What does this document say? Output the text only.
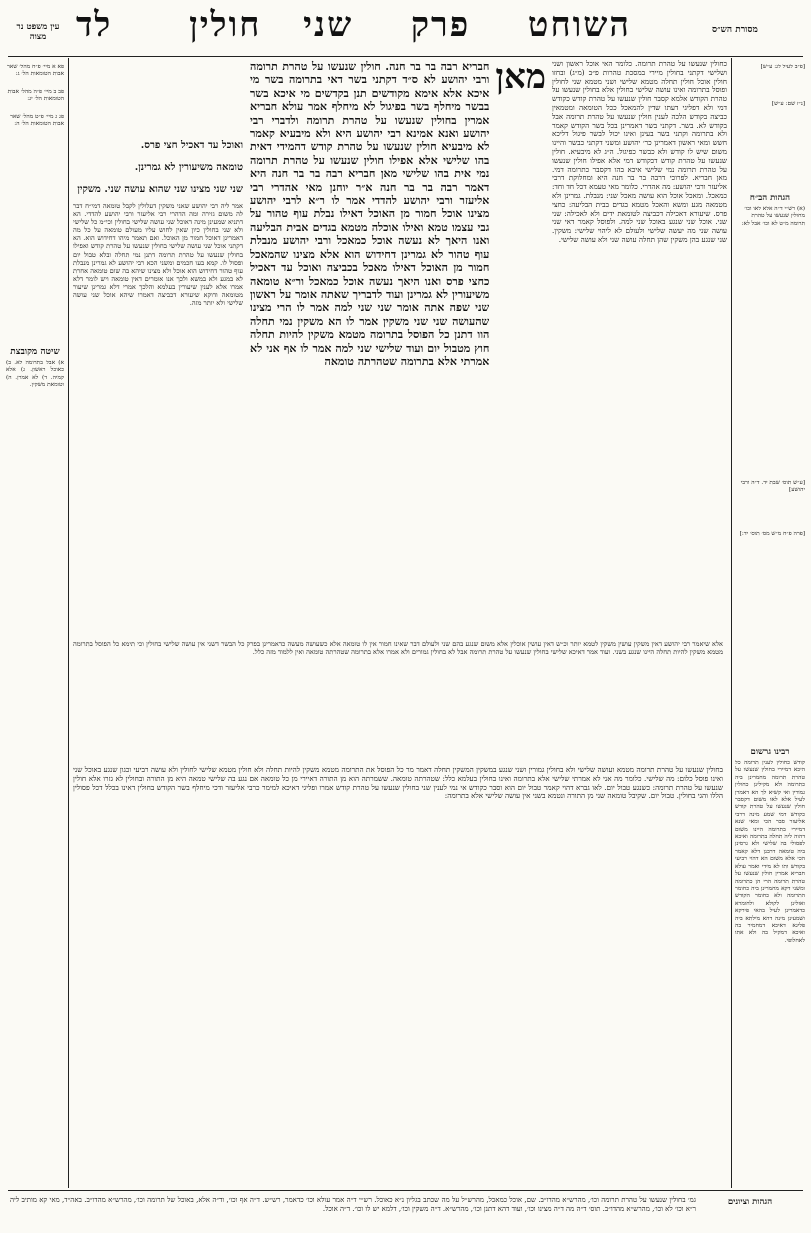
מסורת הש״ס
השוחט  פרק  שני  חולין
לד
עין משפט נר מצוה

פא א מיי׳ פ״ח מהל׳ שאר אבות הטומאות הל׳ ג:

פב ב מיי׳ פ״ה מהל׳ אבות הטומאות הל׳ יג:

פג ג מיי׳ פ״ט מהל׳ שאר אבות הטומאות הל׳ ה:

שיטה מקובצת
א) אבל בתרומה לא. ב) כאוכל ראשון. ג) אלא קמיה. ד) לא אמרן. ה) וטומאת משקין.

[פ״ב לעיל לג: ע״ש]

[נ״ז שם: ע״ש]

הגהות הב״ח
(א) רש״י ד״ה אלא לאו וכו׳ מחולין שנעשו על טהרת תרומה מ״ט לא וכו׳ אבל לא:

[ע״ש תוס׳ שבת יד. ד״ה ורבי יהושע]

[פרה פ״ח מ״ש מס׳ תוס׳ יד:]

רבינו גרשום
קודש כחולין לענין תרומה כל היכא דמיירי בחולין שנעשו על טהרת תרומה מחמרינן ביה כתרומה ולא מקילינן כחולין גמורין ואי קשיא לך הא דאמרן לעיל אלא לאו משום דקסבר חולין שנעשו על טהרת קודש כקודש דמי שמע מינה דרבי אליעזר סבר הכי ומאי שנא דמיירי בתרומה היינו משום דהוה ליה תחלה בתרומה ואיכא לפסולי בה שלישי ולא גרסינן ביה טומאה דרבנן דלא קאמר הכי אלא משום הא דהוי רביעי בקודש ותו לא מידי ואמר עולא חבריא אמרין חולין שנעשו על טהרת תרומה הרי הן כתרומה ומשני דקא מחמרינן ביה כחומר התרומה ולא כחומר הקודש ואזלינן לקולא ולחומרא כדאמרינן לעיל בהאי פירקא ושמעינן מינה דהא מילתא ביה פליגא דאיכא דמחמיר בה ואיכא דמקיל בה ולא אתו לאחלופי.
ואוכל עד דאכיל חצי פרס.
טומאה משיעורין לא גמרינן.
שני שני מצינו שני שהוא עושה שני. משקין
אמר ליה רבי יהושע שאני משקין דעלולין לקבל טומאה דמי״ח דבר לה משום גזירה ומה הדהרי רבי אליעזר ורבי יהושע להדדי. הא דתניא שמעינן מינה דאוכל שני עושה שלישי בחולין וכי״מ כל שלישי ולא שני בחולין כיון שאין לחוש עליו מעולם טומאה על כל מה דאמרינן דאוכל חמור מן האוכל. ואם תאמר מיהו דחידוש הוא. הא דקתני אוכל שני עושה שלישי בחולין שנעשו על טהרת קודש ואפילו בחולין שנעשו על טהרת תרומה דתנן נמי תחלה ובלא טבול יום ופסול לו. קמא בעו חכמים ומשני הכא רבי יהושע לא גמרינן מנבלת עוף טהור דחידוש הוא אוכל ולא מצינו שיהא בה שום טומאה אחרת לא במגע ולא במשא ולכך אנו אומרים דאין טומאה ויש לומר דלא אמרו אלא לענין שיעורין בעלמא והלכך אמרי דלא גמרינן שיעור מטומאה ודוקא שיעורא דכביצה דאמרו שיהא אוכל שני עושה שלישי ולא יותר מזה.
מאן
חבריא רבה בר בר חנה. חולין שנעשו על טהרת תרומה ורבי יהושע לא ס״ד דקתני בשר דאי בתרומה בשר מי איכא אלא אימא מקודשים תנן בקדשים מי איכא בשר בבשר מיחלף בשר בפיגול לא מיחלף אמר עולא חבריא אמרין בחולין שנעשו על טהרת תרומה ולדברי רבי יהושע ואנא אמינא רבי יהושע היא ולא מיבעיא קאמר לא מיבעיא חולין שנעשו על טהרת קודש דהמידי דאית בהו שלישי אלא אפילו חולין שנעשו על טהרת תרומה נמי אית בהו שלישי מאן חבריא רבה בר בר חנה היא דאמר רבה בר בר חנה א״ר יוחנן מאי אהדרי רבי אליעזר ורבי יהושע להדדי אמר לו ר״א לרבי יהושע מצינו אוכל חמור מן האוכל דאילו נבלת עוף טהור על גבי עצמו טמא ואילו אוכלה מטמא בגדים אבית הבליעה ואנו היאך לא נעשה אוכל כמאכל ורבי יהושע מנבלת עוף טהור לא גמרינן דחידוש הוא אלא מצינו שהמאכל חמור מן האוכל דאילו מאכל בכביצה ואוכל עד דאכיל כחצי פרס ואנו היאך נעשה אוכל כמאכל ור״א טומאה משיעורין לא גמרינן ועוד לדבריך שאתה אומר על ראשון שני שפה אתה אומר שני שני למה אמר לו הרי מצינו שהעושה שני שני משקין אמר לו הא משקין נמי תחלה הוו דתנן כל הפוסל בתרומה מטמא משקין להיות תחלה חוץ מטבול יום ועוד שלישי שני למה אמר לו אף אני לא אמרתי אלא בתרומה שטהרתה טומאה
כחולין שנעשו על טהרת תרומה. כלומר האי אוכל ראשון ושני ושלישי דקתני בחולין מיירי במסכת טהרות פ״ב (מ״ג) ובחזו חולין אוכל חולין תחלה מטמא שלישי ושני מטמא שני לחולין ופוסל בתרומה ואינו עושה שלישי בחולין אלא בחולין שנעשו על טהרת הקודש אלמא קסבר חולין שנעשו על טהרת קודש כקודש דמי ולא דפליגי דעתו שדין להמאכל ככל הטומאה ומטמאין כביצה בקודש הלכה לענין חולין שנעשו על טהרת תרומה אבל בקודש לא. בשר. דקתני בשר דאמרינן בכל בשר הקודש קאמר ולא בתרומה וקתני בשר בעינן ואינו יכול לבשר פיגול דליכא חשש ומאי ראשון דאמרינן כר׳ יהושע ומשני דקתני כבשר והיינו משום שיש לו קודש ולא כבשר כפיגול. ה״ג לא מיבעיא. חולין שנעשו על טהרת קודש דכקודש דמי אלא אפילו חולין שנעשו על טהרת תרומה נמי שלישי איכא בהו דקסבר כתרומה דמי. מאן חבריא. לפרוכי דרבה בר בר חנה היא ומחלוקת דרבי אליעזר ורבי יהושע: מה אהדרי. כלומר מאי טעמא דכל חד וחד: כמאכל. ומאכל אוכל הוא עושה מאכל שני: מנבלת. גמרינן ולא מטמאה מגע ומשא והאכל מטמא בגדים בבית הבליעה: כחצי פרס. שיעורא דאכילה דכביצה לטומאת ידים ולא לאכילה: שני שני. אוכל שני שנגע באוכל שני למה. ולפוסל קאמר דאי שני עושה שני מה יעשה שלישי ולעולם לא ליהוי שלישי: משקין. שני שנגע בהן משקין שהן תחלה עושה שני ולא עושה שלישי.
אלא שיאמר רבי יהושע דאין משקין עושין משקין לטמא יותר וכ״ש דאין עושין אוכלין אלא משום שנגע בהם שני ולעולם דבר שאינו חמור אין לו טומאה אלא כשעושה מעשה כדאמרינן בפרק כל הבשר דשני אין עושה שלישי בחולין וכי תימא כל הפוסל בתרומה מטמא משקין להיות תחלה היינו שנגע בשני. ועוד אמר דאיכא שלישי בחולין שנעשו על טהרת תרומה אבל לא בחולין גמורים ולא אמרו אלא בתרומה שטהרתה טומאה ואין ללמוד מזה כלל.
בחולין שנעשו על טהרת תרומה מטמא ועושה שלישי ולא בחולין גמורין ושני שנגע במשקין המשקין תחלה דאמר מר כל הפוסל את התרומה מטמא משקין להיות תחלה ולא חולין מטמא שלישי לחולין ולא עושה רביעי וכגון שנגע באוכל שני ואינו פוסל כלום: מה שלישי. כלומר מה אני לא אמרתי שלישי אלא בתרומה ואינו בחולין בעלמא כלל: שטהרתה טומאה. ששמרתה הוא מן התורה דאיירי מן כל טומאה אם נגע בה שלישי טמאה היא מן התורה ובחולין לא גזרו אלא חולין שנעשו על טהרת תרומה: כשנגע טבול יום. לאו גברא דהוי קאמר טבול יום הוא וסבר כקודש אי נמי לענין שני בחולין שנעשו על טהרת קודש אמרו ופליגי דאיכא למימר כרבי אליעזר ודכי מיחלף בשר הקודש בחולין דאינו בכלל דכל פסולין הללו והגי בחולין. טבול יום. שקיבל טומאה שני מן התורה ונטמא בשני אין עושה שלישי אלא בתרומה:
הגהות וציונים
גמ׳ בחולין שנעשו על טהרת תרומה וכו׳, מהרש״א מהדו״ב. שם, אוכל כמאכל, מהרש״ל על מה שכתב בגליון נ״א כאוכל. רש״י ד״ה אמר עולא וכו׳ כדאמר, רש״ש. ד״ה אף וכו׳, וד״ה אלא, באוכל של תרומה וכו׳, מהרש״א מהדו״ב. באה״ד, מאי קא מותיב ליה ר״א וכו׳ לא וכו׳, מהרש״א מהדו״ב. תוס׳ ד״ה מה ד״ה מצינו וכו׳, ועוד דהא דתנן וכו׳, מהרש״א. ד״ה משקין וכו׳, דלמא יש לו וכו׳. ד״ה אוכל.
